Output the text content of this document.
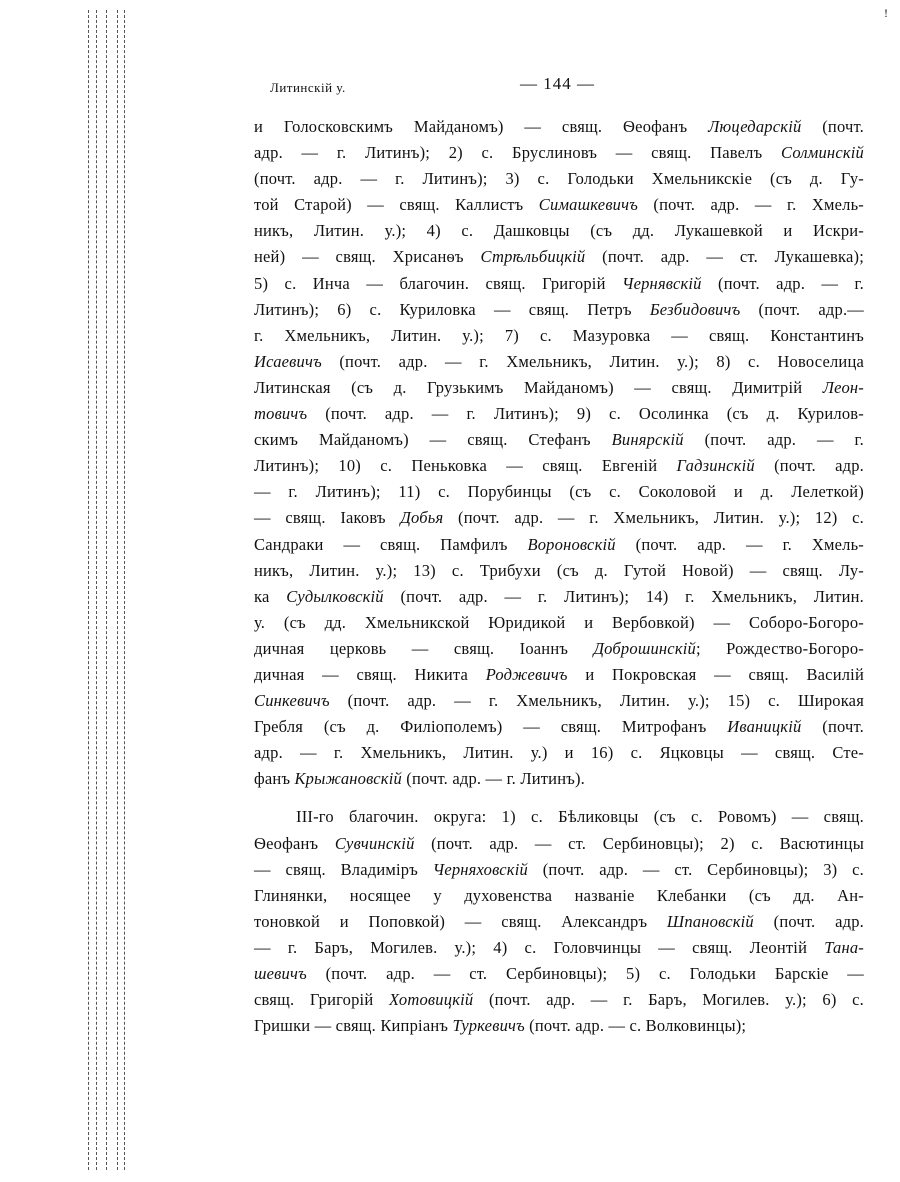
!
Литинскій у.	— 144 —
и Голосковскимъ Майданомъ) — свящ. Ѳеофанъ Люцедарскій (почт.
адр. — г. Литинъ); 2) с. Бруслиновъ — свящ. Павелъ Солминскій
(почт. адр. — г. Литинъ); 3) с. Голодьки Хмельникскіе (съ д. Гу-
той Старой) — свящ. Каллистъ Симашкевичъ (почт. адр. — г. Хмель-
никъ, Литин. у.); 4) с. Дашковцы (съ дд. Лукашевкой и Искри-
ней) — свящ. Хрисанѳъ Стрѣльбицкій (почт. адр. — ст. Лукашевка);
5) с. Инча — благочин. свящ. Григорій Чернявскій (почт. адр. — г.
Литинъ); 6) с. Куриловка — свящ. Петръ Безбидовичъ (почт. адр.—
г. Хмельникъ, Литин. у.); 7) с. Мазуровка — свящ. Константинъ
Исаевичъ (почт. адр. — г. Хмельникъ, Литин. у.); 8) с. Новоселица
Литинская (съ д. Грузькимъ Майданомъ) — свящ. Димитрій Леон-
товичъ (почт. адр. — г. Литинъ); 9) с. Осолинка (съ д. Курилов-
скимъ Майданомъ) — свящ. Стефанъ Винярскій (почт. адр. — г.
Литинъ); 10) с. Пеньковка — свящ. Евгеній Гадзинскій (почт. адр.
— г. Литинъ); 11) с. Порубинцы (съ с. Соколовой и д. Лелеткой)
— свящ. Іаковъ Добья (почт. адр. — г. Хмельникъ, Литин. у.); 12) с.
Сандраки — свящ. Памфилъ Вороновскій (почт. адр. — г. Хмель-
никъ, Литин. у.); 13) с. Трибухи (съ д. Гутой Новой) — свящ. Лу-
ка Судылковскій (почт. адр. — г. Литинъ); 14) г. Хмельникъ, Литин.
у. (съ дд. Хмельникской Юридикой и Вербовкой) — Соборо-Богоро-
дичная церковь — свящ. Іоаннъ Доброшинскій; Рождество-Богоро-
дичная — свящ. Никита Роджевичъ и Покровская — свящ. Василій
Синкевичъ (почт. адр. — г. Хмельникъ, Литин. у.); 15) с. Широкая
Гребля (съ д. Филіополемъ) — свящ. Митрофанъ Иваницкій (почт.
адр. — г. Хмельникъ, Литин. у.) и 16) с. Яцковцы — свящ. Сте-
фанъ Крыжановскій (почт. адр. — г. Литинъ).
III-го благочин. округа: 1) с. Бѣликовцы (съ с. Ровомъ) — свящ.
Ѳеофанъ Сувчинскій (почт. адр. — ст. Сербиновцы); 2) с. Васютинцы
— свящ. Владиміръ Черняховскій (почт. адр. — ст. Сербиновцы); 3) с.
Глинянки, носящее у духовенства названіе Клебанки (съ дд. Ан-
тоновкой и Поповкой) — свящ. Александръ Шпановскій (почт. адр.
— г. Баръ, Могилев. у.); 4) с. Головчинцы — свящ. Леонтій Тана-
шевичъ (почт. адр. — ст. Сербиновцы); 5) с. Голодьки Барскіе —
свящ. Григорій Хотовицкій (почт. адр. — г. Баръ, Могилев. у.); 6) с.
Гришки — свящ. Кипріанъ Туркевичъ (почт. адр. — с. Волковинцы);
